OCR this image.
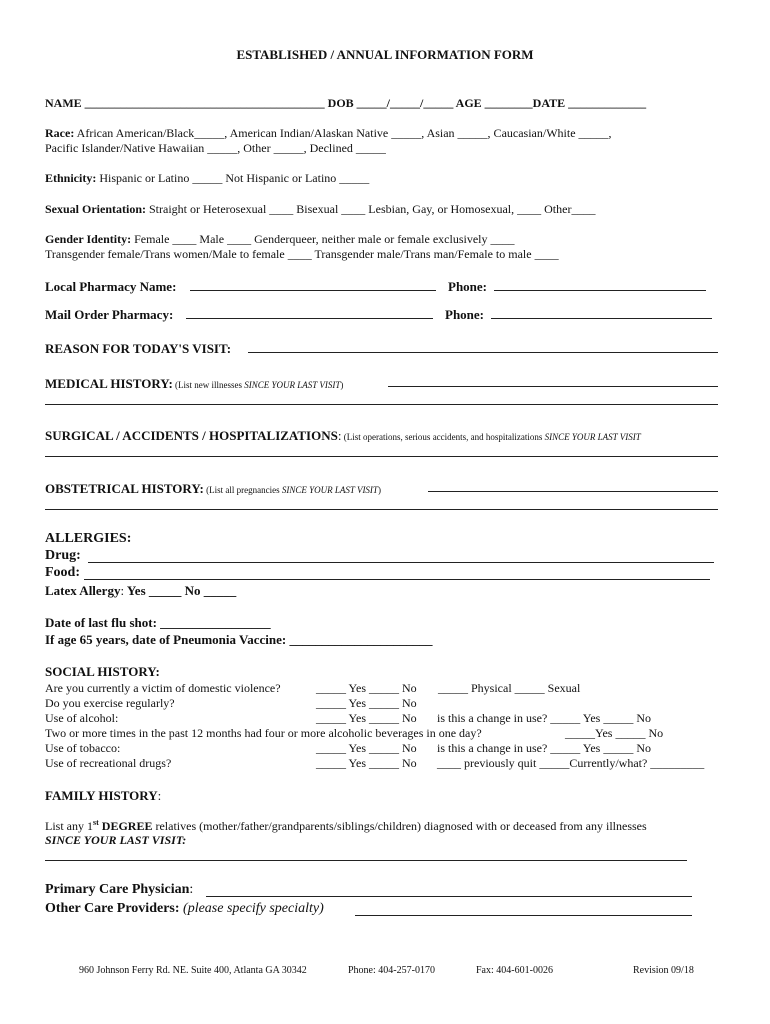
ESTABLISHED / ANNUAL INFORMATION FORM
NAME ________________________________________ DOB _____/_____/_____ AGE ________DATE _____________
Race: African American/Black_____, American Indian/Alaskan Native _____, Asian _____, Caucasian/White _____,
Pacific Islander/Native Hawaiian _____, Other _____, Declined _____
Ethnicity: Hispanic or Latino _____ Not Hispanic or Latino _____
Sexual Orientation: Straight or Heterosexual ____ Bisexual ____ Lesbian, Gay, or Homosexual, ____ Other____
Gender Identity: Female ____ Male ____ Genderqueer, neither male or female exclusively ____
Transgender female/Trans women/Male to female ____ Transgender male/Trans man/Female to male ____
Local Pharmacy Name:	Phone:
Mail Order Pharmacy:	Phone:
REASON FOR TODAY'S VISIT:
MEDICAL HISTORY: (List new illnesses SINCE YOUR LAST VISIT)
SURGICAL / ACCIDENTS / HOSPITALIZATIONS: (List operations, serious accidents, and hospitalizations SINCE YOUR LAST VISIT
OBSTETRICAL HISTORY: (List all pregnancies SINCE YOUR LAST VISIT)
ALLERGIES:
Drug:
Food:
Latex Allergy: Yes _____ No _____
Date of last flu shot: _________________
If age 65 years, date of Pneumonia Vaccine: ______________________
SOCIAL HISTORY:
Are you currently a victim of domestic violence?	_____ Yes _____ No _____ Physical _____ Sexual
Do you exercise regularly?	_____ Yes _____ No
Use of alcohol:	_____ Yes _____ No is this a change in use? _____ Yes _____ No
Two or more times in the past 12 months had four or more alcoholic beverages in one day?	_____Yes _____ No
Use of tobacco:	_____ Yes _____ No is this a change in use? _____ Yes _____ No
Use of recreational drugs?	_____ Yes _____ No ____ previously quit _____Currently/what? _________
FAMILY HISTORY:
List any 1st DEGREE relatives (mother/father/grandparents/siblings/children) diagnosed with or deceased from any illnesses
SINCE YOUR LAST VISIT:
Primary Care Physician:
Other Care Providers: (please specify specialty)
960 Johnson Ferry Rd. NE. Suite 400, Atlanta GA 30342	Phone: 404-257-0170	Fax: 404-601-0026	Revision 09/18
